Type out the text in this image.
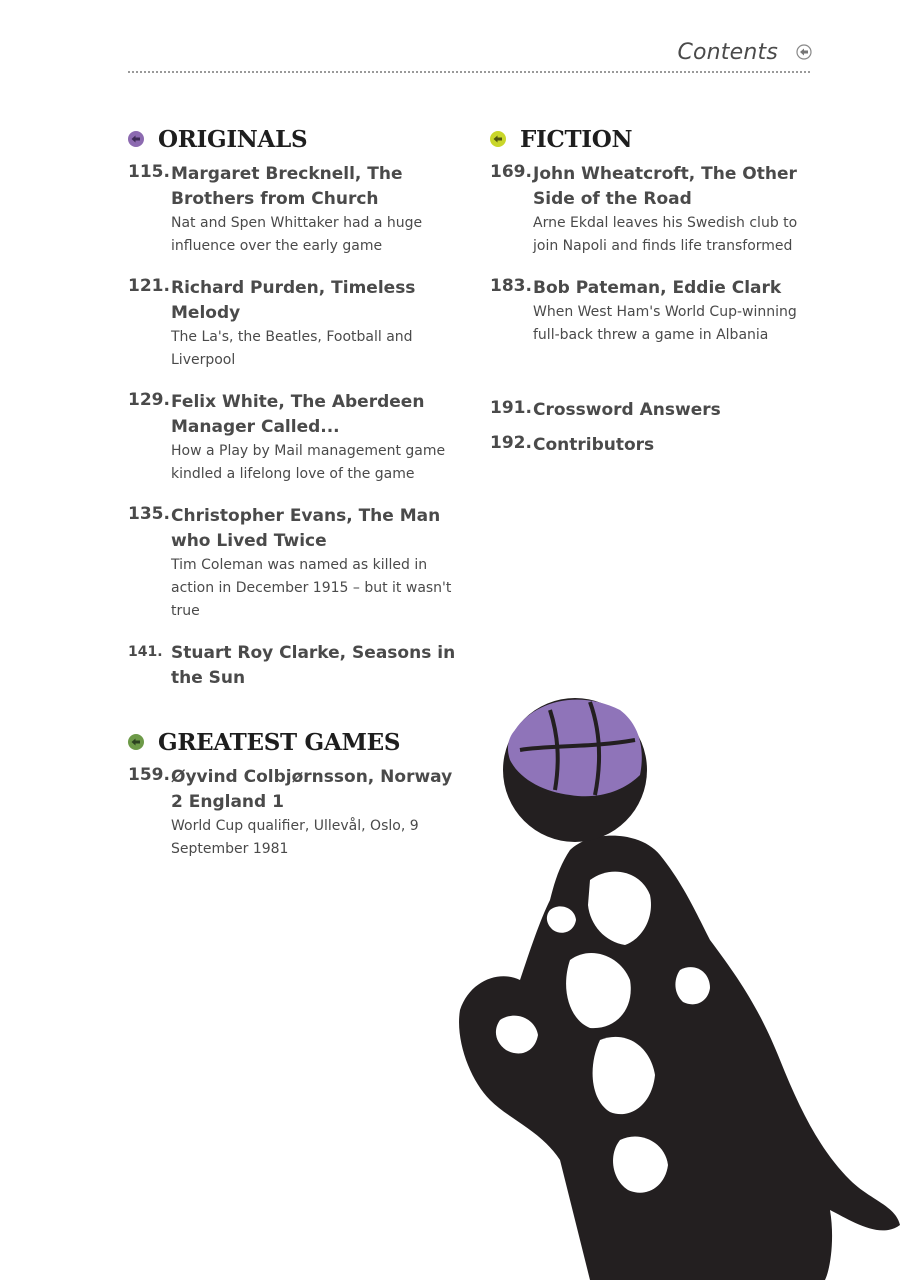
Contents
ORIGINALS
115. Margaret Brecknell, The Brothers from Church
Nat and Spen Whittaker had a huge influence over the early game
121. Richard Purden, Timeless Melody
The La's, the Beatles, Football and Liverpool
129. Felix White, The Aberdeen Manager Called...
How a Play by Mail management game kindled a lifelong love of the game
135. Christopher Evans, The Man who Lived Twice
Tim Coleman was named as killed in action in December 1915 – but it wasn't true
141. Stuart Roy Clarke, Seasons in the Sun
GREATEST GAMES
159. Øyvind Colbjørnsson, Norway 2 England 1
World Cup qualifier, Ullevål, Oslo, 9 September 1981
FICTION
169. John Wheatcroft, The Other Side of the Road
Arne Ekdal leaves his Swedish club to join Napoli and finds life transformed
183. Bob Pateman, Eddie Clark
When West Ham's World Cup-winning full-back threw a game in Albania
191. Crossword Answers
192. Contributors
